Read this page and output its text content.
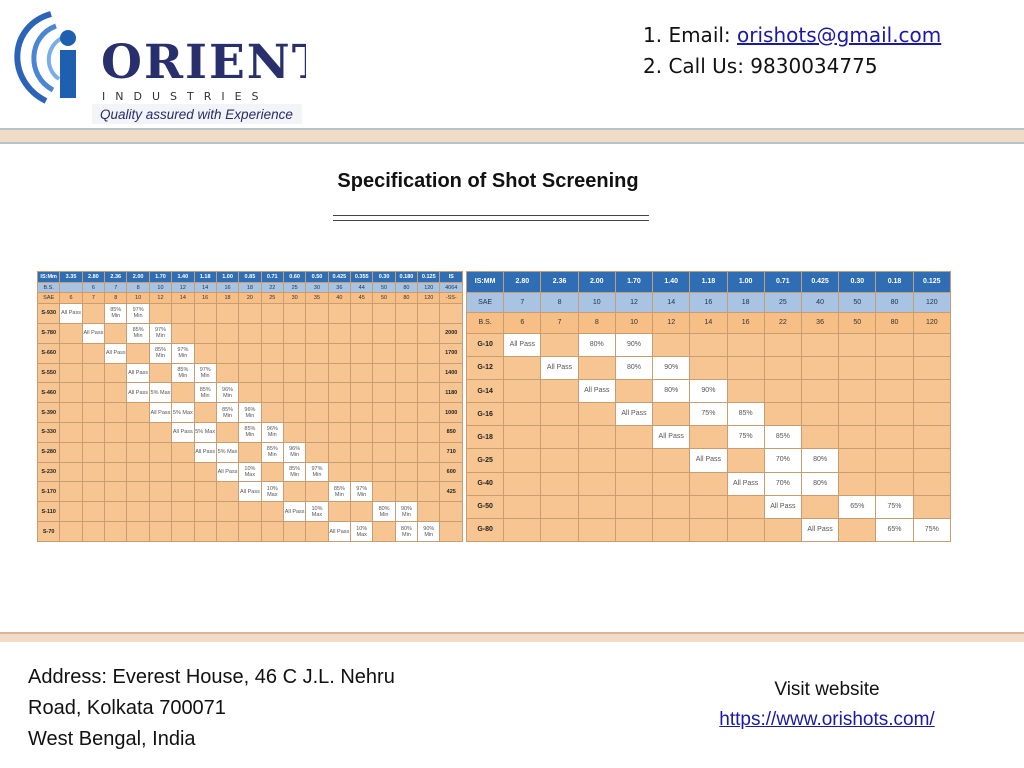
ORIENT
INDUSTRIES
Quality assured with Experience
1. Email: orishots@gmail.com
2. Call Us: 9830034775
Specification of Shot Screening
IS:Mm	3.35	2.80	2.36	2.00	1.70	1.40	1.18	1.00	0.85	0.71	0.60	0.50	0.425	0.355	0.30	0.180	0.125	IS
B.S.		6	7	8	10	12	14	16	18	22	25	30	36	44	50	80	120	4064
SAE	6	7	8	10	12	14	16	18	20	25	30	35	40	45	50	80	120	-SS-
S-930	All Pass		85% Min	97% Min														
S-780		All Pass		85% Min	97% Min													2000
S-660			All Pass		85% Min	97% Min												1700
S-550				All Pass		85% Min	97% Min											1400
S-460				All Pass	5% Max		85% Min	96% Min										1180
S-390					All Pass	5% Max		85% Min	96% Min									1000
S-330						All Pass	5% Max		85% Min	96% Min								850
S-280							All Pass	5% Max		85% Min	96% Min							710
S-230								All Pass	10% Max		85% Min	97% Min						600
S-170									All Pass	10% Max			85% Min	97% Min				425
S-110											All Pass	10% Max			80% Min	90% Min		
S-70													All Pass	10% Max		80% Min	90% Min	
IS:MM	2.80	2.36	2.00	1.70	1.40	1.18	1.00	0.71	0.425	0.30	0.18	0.125
SAE	7	8	10	12	14	16	18	25	40	50	80	120
B.S.	6	7	8	10	12	14	16	22	36	50	80	120
G-10	All Pass		80%	90%								
G-12		All Pass		80%	90%							
G-14			All Pass		80%	90%						
G-16				All Pass		75%	85%					
G-18					All Pass		75%	85%				
G-25						All Pass		70%	80%			
G-40							All Pass	70%	80%			
G-50								All Pass		65%	75%	
G-80									All Pass		65%	75%
Address: Everest House, 46 C J.L. Nehru
Road, Kolkata 700071
West Bengal, India
Visit website
https://www.orishots.com/
